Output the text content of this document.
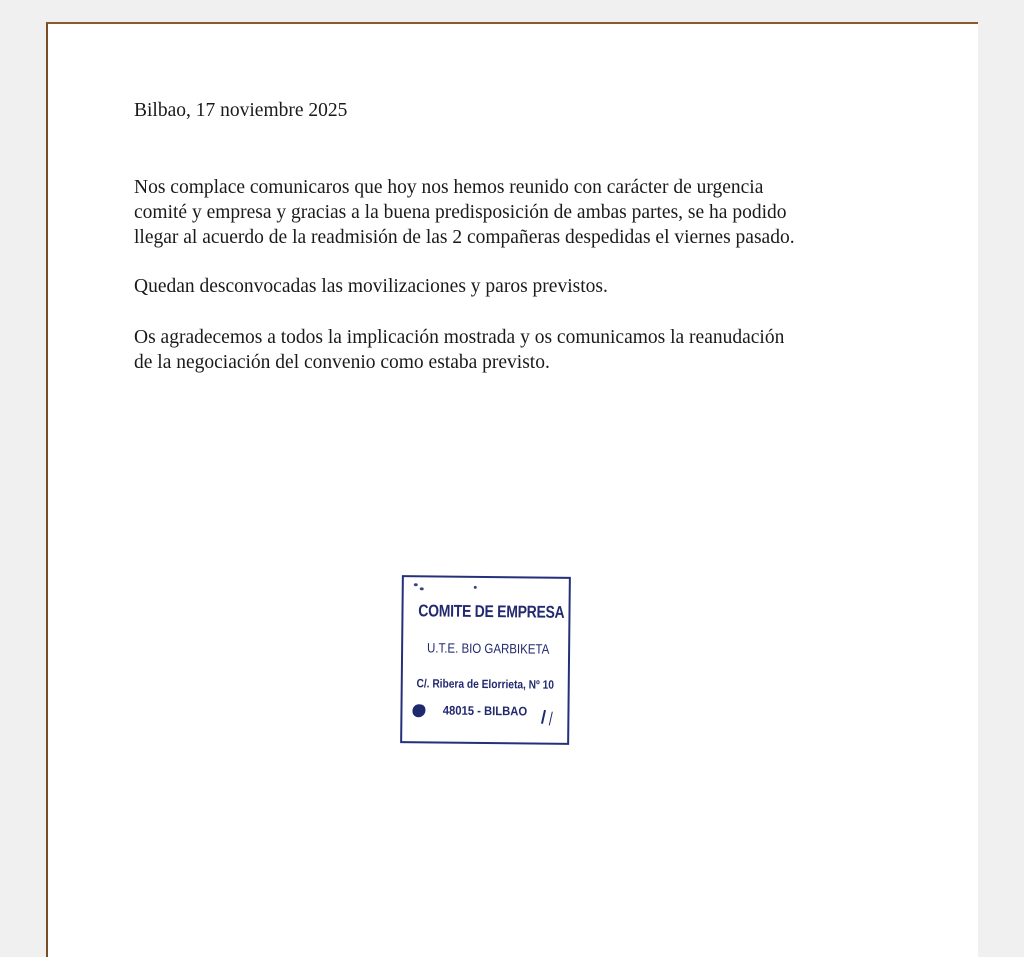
Bilbao, 17 noviembre 2025

Nos complace comunicaros que hoy nos hemos reunido con carácter de urgencia
comité y empresa y gracias a la buena predisposición de ambas partes, se ha podido
llegar al acuerdo de la readmisión de las 2 compañeras despedidas el viernes pasado.

Quedan desconvocadas las movilizaciones y paros previstos.

Os agradecemos a todos la implicación mostrada y os comunicamos la reanudación
de la negociación del convenio como estaba previsto.

COMITE DE EMPRESA
U.T.E. BIO GARBIKETA
C/. Ribera de Elorrieta, Nº 10
48015 - BILBAO
